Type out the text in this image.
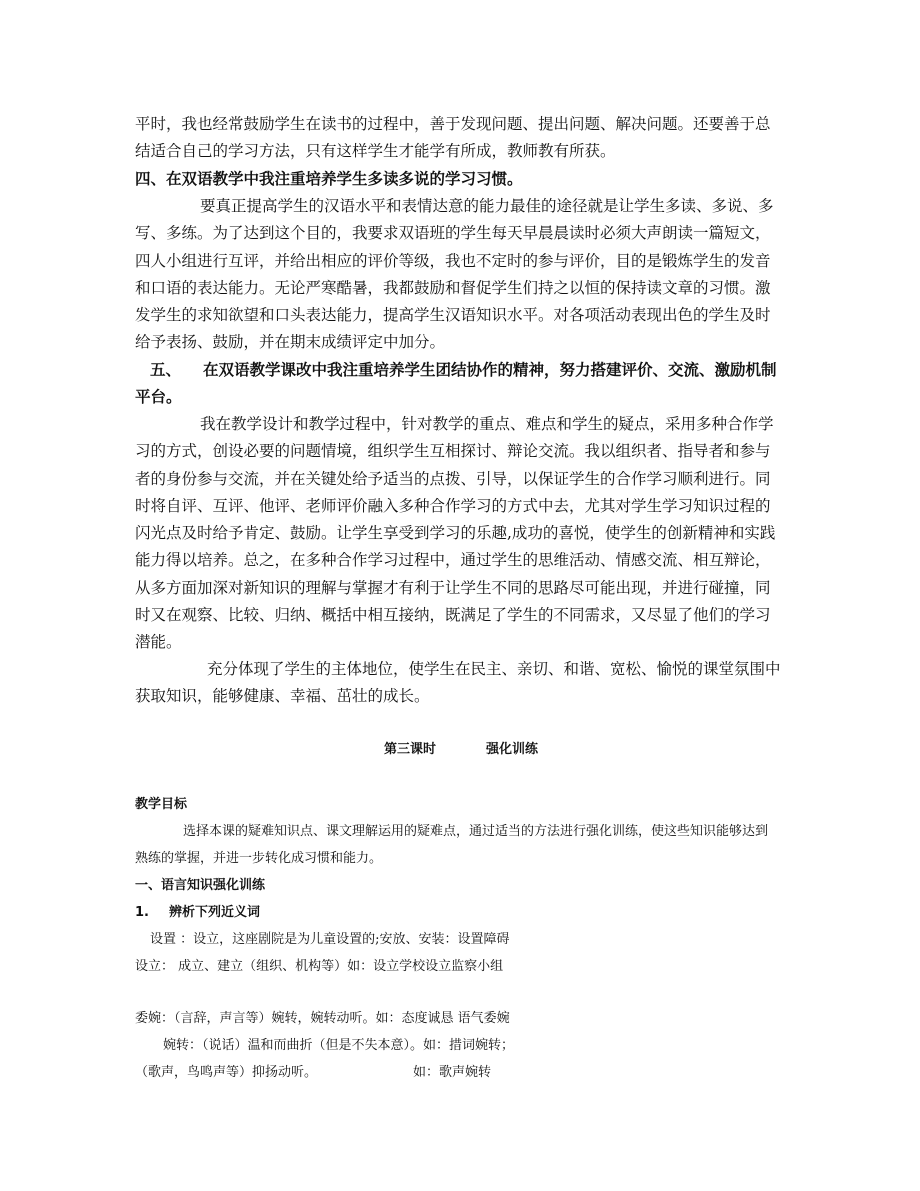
平时，我也经常鼓励学生在读书的过程中，善于发现问题、提出问题、解决问题。还要善于总
结适合自己的学习方法，只有这样学生才能学有所成，教师教有所获。
四、在双语教学中我注重培养学生多读多说的学习习惯。
要真正提高学生的汉语水平和表情达意的能力最佳的途径就是让学生多读、多说、多
写、多练。为了达到这个目的，我要求双语班的学生每天早晨晨读时必须大声朗读一篇短文，
四人小组进行互评，并给出相应的评价等级，我也不定时的参与评价，目的是锻炼学生的发音
和口语的表达能力。无论严寒酷暑，我都鼓励和督促学生们持之以恒的保持读文章的习惯。激
发学生的求知欲望和口头表达能力，提高学生汉语知识水平。对各项活动表现出色的学生及时
给予表扬、鼓励，并在期末成绩评定中加分。
五、 在双语教学课改中我注重培养学生团结协作的精神，努力搭建评价、交流、激励机制
平台。
我在教学设计和教学过程中，针对教学的重点、难点和学生的疑点，采用多种合作学
习的方式，创设必要的问题情境，组织学生互相探讨、辩论交流。我以组织者、指导者和参与
者的身份参与交流，并在关键处给予适当的点拨、引导，以保证学生的合作学习顺利进行。同
时将自评、互评、他评、老师评价融入多种合作学习的方式中去，尤其对学生学习知识过程的
闪光点及时给予肯定、鼓励。让学生享受到学习的乐趣,成功的喜悦，使学生的创新精神和实践
能力得以培养。总之，在多种合作学习过程中，通过学生的思维活动、情感交流、相互辩论，
从多方面加深对新知识的理解与掌握才有利于让学生不同的思路尽可能出现，并进行碰撞，同
时又在观察、比较、归纳、概括中相互接纳，既满足了学生的不同需求，又尽显了他们的学习
潜能。
充分体现了学生的主体地位，使学生在民主、亲切、和谐、宽松、愉悦的课堂氛围中
获取知识，能够健康、幸福、茁壮的成长。
第三课时	强化训练
教学目标
选择本课的疑难知识点、课文理解运用的疑难点，通过适当的方法进行强化训练，使这些知识能够达到
熟练的掌握，并进一步转化成习惯和能力。
一、语言知识强化训练
1. 辨析下列近义词
设置 ：设立，这座剧院是为儿童设置的;安放、安装：设置障碍
设立： 成立、建立（组织、机构等）如：设立学校设立监察小组
委婉：（言辞，声言等）婉转，婉转动听。如：态度诚恳 语气委婉
婉转：（说话）温和而曲折（但是不失本意）。如：措词婉转；
（歌声，鸟鸣声等）抑扬动听。	如：歌声婉转
